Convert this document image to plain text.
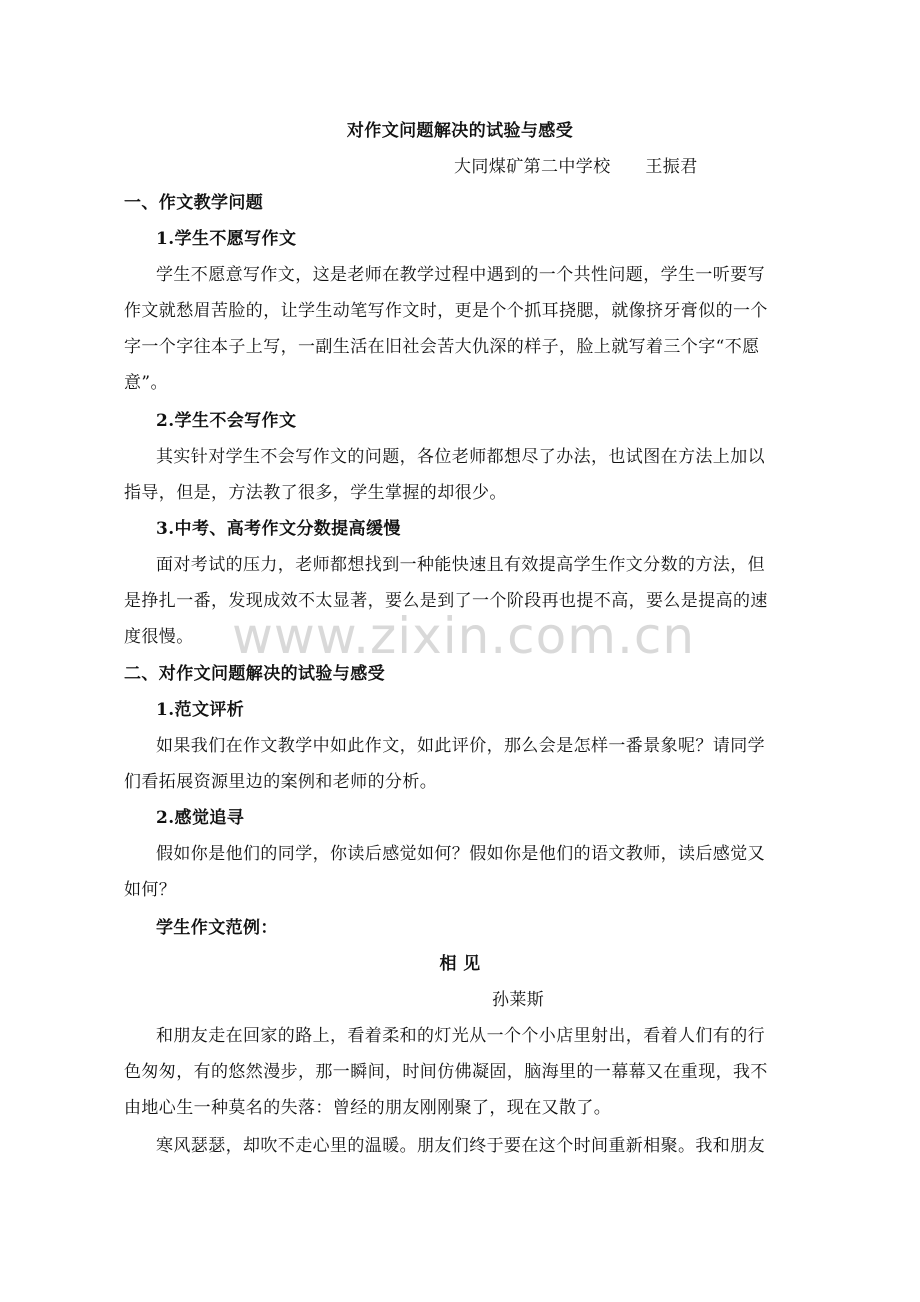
对作文问题解决的试验与感受
大同煤矿第二中学校　　王振君
一、作文教学问题
1.学生不愿写作文
学生不愿意写作文，这是老师在教学过程中遇到的一个共性问题，学生一听要写
作文就愁眉苦脸的，让学生动笔写作文时，更是个个抓耳挠腮，就像挤牙膏似的一个
字一个字往本子上写，一副生活在旧社会苦大仇深的样子，脸上就写着三个字“不愿
意”。
2.学生不会写作文
其实针对学生不会写作文的问题，各位老师都想尽了办法，也试图在方法上加以
指导，但是，方法教了很多，学生掌握的却很少。
3.中考、高考作文分数提高缓慢
面对考试的压力，老师都想找到一种能快速且有效提高学生作文分数的方法，但
是挣扎一番，发现成效不太显著，要么是到了一个阶段再也提不高，要么是提高的速
度很慢。
二、对作文问题解决的试验与感受
1.范文评析
如果我们在作文教学中如此作文，如此评价，那么会是怎样一番景象呢？请同学
们看拓展资源里边的案例和老师的分析。
2.感觉追寻
假如你是他们的同学，你读后感觉如何？假如你是他们的语文教师，读后感觉又
如何？
学生作文范例：
相 见
孙莱斯
和朋友走在回家的路上，看着柔和的灯光从一个个小店里射出，看着人们有的行
色匆匆，有的悠然漫步，那一瞬间，时间仿佛凝固，脑海里的一幕幕又在重现，我不
由地心生一种莫名的失落：曾经的朋友刚刚聚了，现在又散了。
寒风瑟瑟，却吹不走心里的温暖。朋友们终于要在这个时间重新相聚。我和朋友
www.zixin.com.cn
